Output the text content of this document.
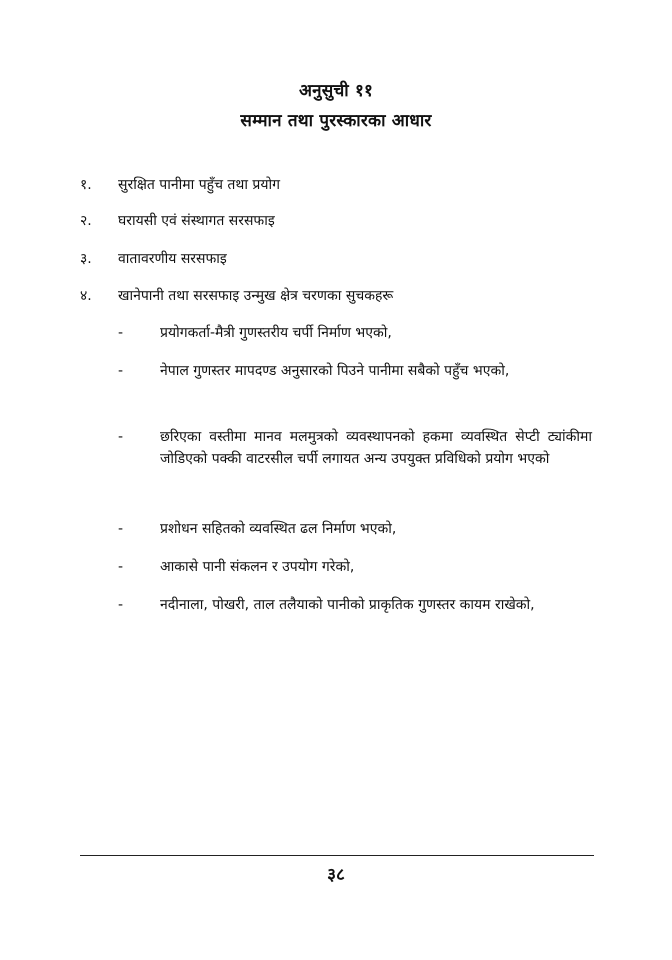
अनुसुची ११
सम्मान तथा पुरस्कारका आधार
१.	सुरक्षित पानीमा पहुँच तथा प्रयोग
२.	घरायसी एवं संस्थागत सरसफाइ
३.	वातावरणीय सरसफाइ
४.	खानेपानी तथा सरसफाइ उन्मुख क्षेत्र चरणका सुचकहरू
-	प्रयोगकर्ता-मैत्री गुणस्तरीय चर्पी निर्माण भएको,
-	नेपाल गुणस्तर मापदण्ड अनुसारको पिउने पानीमा सबैको पहुँच भएको,
-	छरिएका वस्तीमा मानव मलमुत्रको व्यवस्थापनको हकमा व्यवस्थित सेप्टी ट्यांकीमा जोडिएको पक्की वाटरसील चर्पी लगायत अन्य उपयुक्त प्रविधिको प्रयोग भएको
-	प्रशोधन सहितको व्यवस्थित ढल निर्माण भएको,
-	आकासे पानी संकलन र उपयोग गरेको,
-	नदीनाला, पोखरी, ताल तलैयाको पानीको प्राकृतिक गुणस्तर कायम राखेको,
३८
